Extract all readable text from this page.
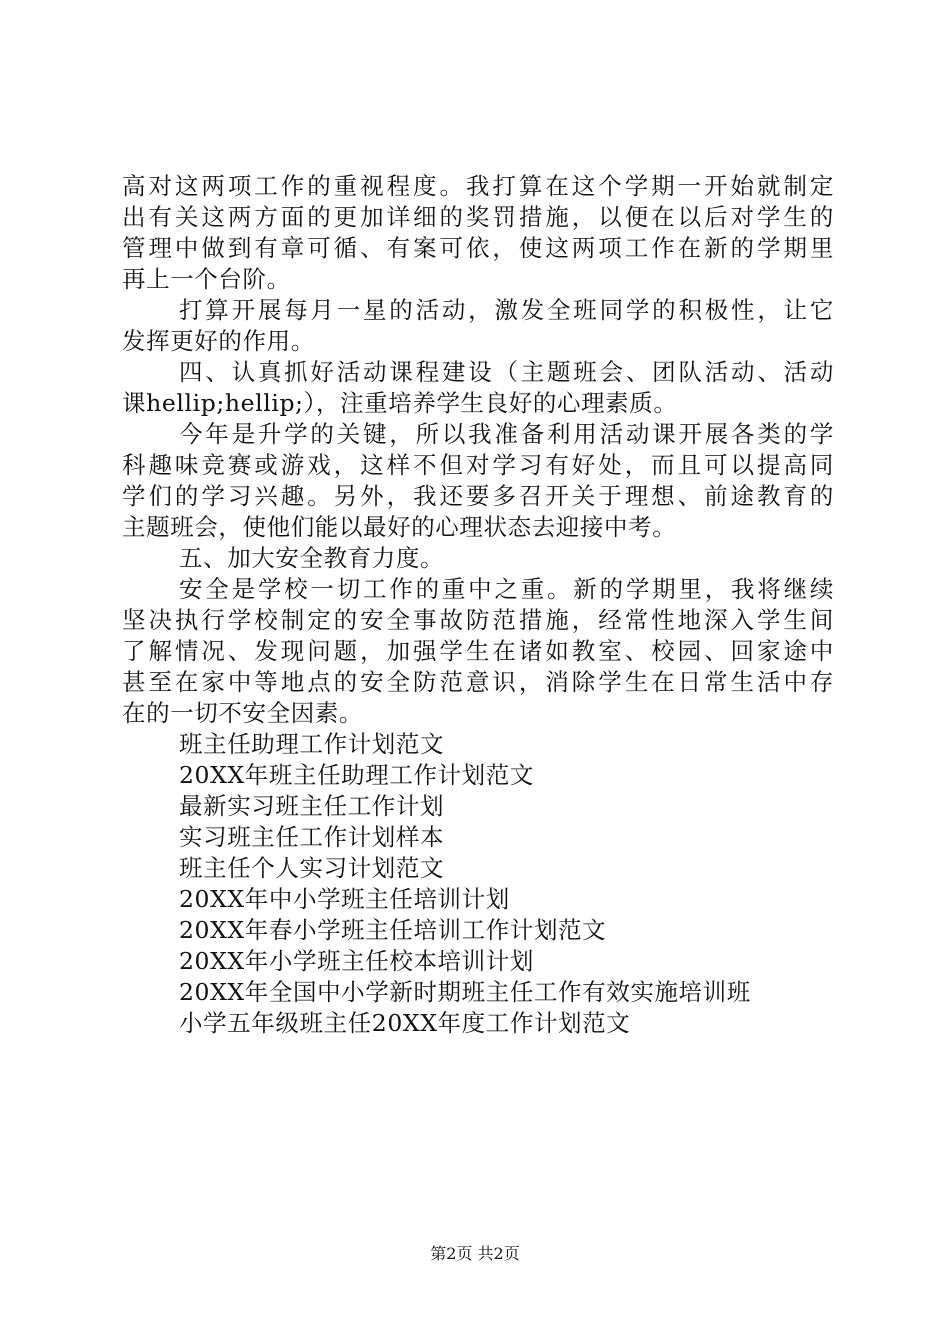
高对这两项工作的重视程度。我打算在这个学期一开始就制定
出有关这两方面的更加详细的奖罚措施，以便在以后对学生的
管理中做到有章可循、有案可依，使这两项工作在新的学期里
再上一个台阶。
打算开展每月一星的活动，激发全班同学的积极性，让它
发挥更好的作用。
四、认真抓好活动课程建设（主题班会、团队活动、活动
课hellip;hellip;），注重培养学生良好的心理素质。
今年是升学的关键，所以我准备利用活动课开展各类的学
科趣味竞赛或游戏，这样不但对学习有好处，而且可以提高同
学们的学习兴趣。另外，我还要多召开关于理想、前途教育的
主题班会，使他们能以最好的心理状态去迎接中考。
五、加大安全教育力度。
安全是学校一切工作的重中之重。新的学期里，我将继续
坚决执行学校制定的安全事故防范措施，经常性地深入学生间
了解情况、发现问题，加强学生在诸如教室、校园、回家途中
甚至在家中等地点的安全防范意识，消除学生在日常生活中存
在的一切不安全因素。
班主任助理工作计划范文
20XX年班主任助理工作计划范文
最新实习班主任工作计划
实习班主任工作计划样本
班主任个人实习计划范文
20XX年中小学班主任培训计划
20XX年春小学班主任培训工作计划范文
20XX年小学班主任校本培训计划
20XX年全国中小学新时期班主任工作有效实施培训班
小学五年级班主任20XX年度工作计划范文
第2页 共2页
